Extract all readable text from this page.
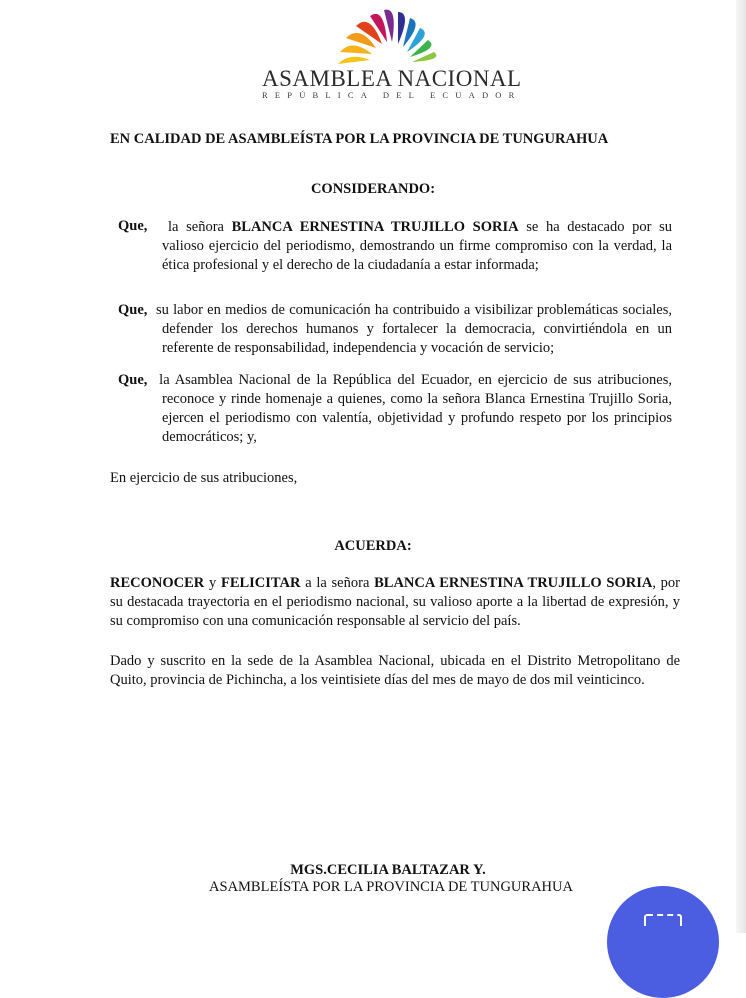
ASAMBLEA NACIONAL
REPÚBLICA DEL ECUADOR
EN CALIDAD DE ASAMBLEÍSTA POR LA PROVINCIA DE TUNGURAHUA
CONSIDERANDO:
Que,	la señora BLANCA ERNESTINA TRUJILLO SORIA se ha destacado por su valioso ejercicio del periodismo, demostrando un firme compromiso con la verdad, la ética profesional y el derecho de la ciudadanía a estar informada;
Que, su labor en medios de comunicación ha contribuido a visibilizar problemáticas sociales, defender los derechos humanos y fortalecer la democracia, convirtiéndola en un referente de responsabilidad, independencia y vocación de servicio;
Que, la Asamblea Nacional de la República del Ecuador, en ejercicio de sus atribuciones, reconoce y rinde homenaje a quienes, como la señora Blanca Ernestina Trujillo Soria, ejercen el periodismo con valentía, objetividad y profundo respeto por los principios democráticos; y,
En ejercicio de sus atribuciones,
ACUERDA:
RECONOCER y FELICITAR a la señora BLANCA ERNESTINA TRUJILLO SORIA, por su destacada trayectoria en el periodismo nacional, su valioso aporte a la libertad de expresión, y su compromiso con una comunicación responsable al servicio del país.
Dado y suscrito en la sede de la Asamblea Nacional, ubicada en el Distrito Metropolitano de Quito, provincia de Pichincha, a los veintisiete días del mes de mayo de dos mil veinticinco.
MGS.CECILIA BALTAZAR Y.
ASAMBLEÍSTA POR LA PROVINCIA DE TUNGURAHUA
